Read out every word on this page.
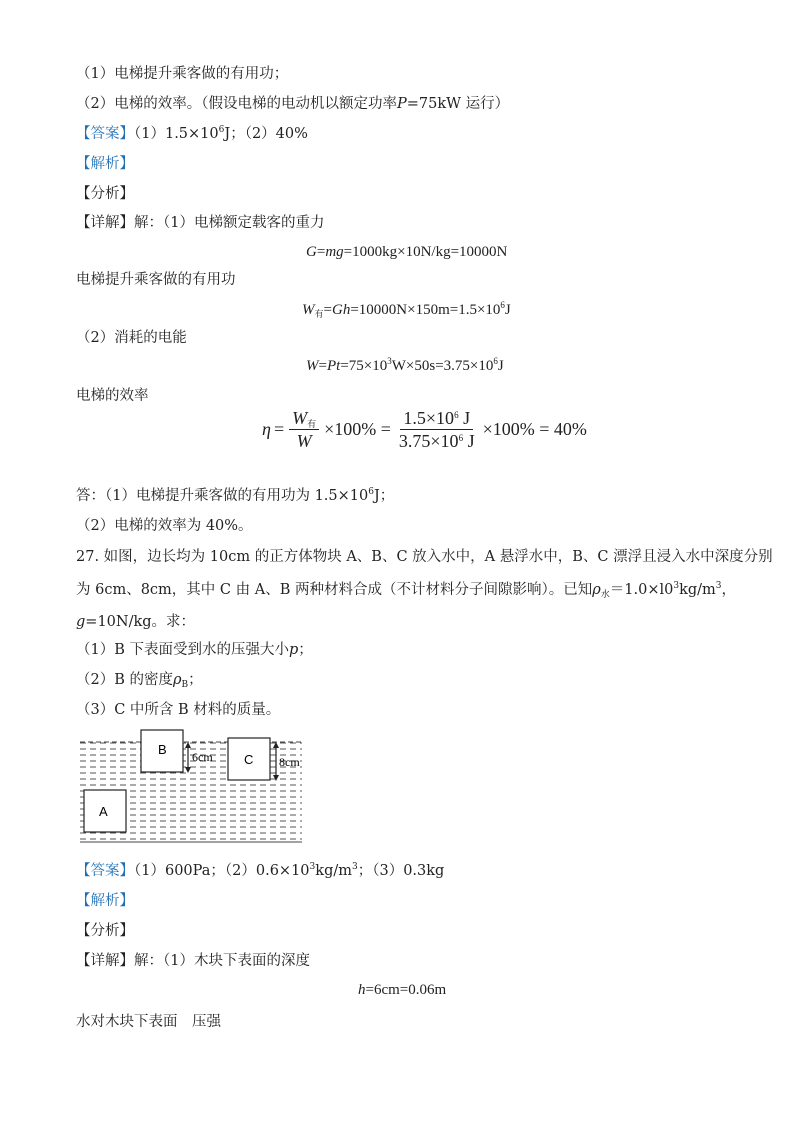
（1）电梯提升乘客做的有用功；
（2）电梯的效率。（假设电梯的电动机以额定功率P=75kW 运行）
【答案】$(1)1.5\times 10^6J$；（2）40%
【解析】
【分析】
【详解】解：（1）电梯额定载客的重力
G=mg=1000kg×10N/kg=10000N
电梯提升乘客做的有用功
$W_有=Gh=10000N\times 150m=1.5\times 10^6J$
（2）消耗的电能
$W=Pt=75\times 10^3W\times 50s=3.75\times 10^6J$
电梯的效率
$\eta = \frac{W_有}{W} \times 100\% = \frac{1.5\times 10^6 J}{3.75\times 10^6 J} \times 100\% = 40\%$
答：（1）电梯提升乘客做的有用功为 $1.5\times 10^6J$；
（2）电梯的效率为 40%。
27. 如图，边长均为 10cm 的正方体物块 A、B、C 放入水中，A 悬浮水中，B、C 漂浮且浸入水中深度分别
为 6cm、8cm，其中 C 由 A、B 两种材料合成（不计材料分子间隙影响）。已知$\rho_水=1.0\times l0^3kg/m^3$，
g=10N/kg。求：
（1）B 下表面受到水的压强大小p；
（2）B 的密度$\rho_B$；
（3）C 中所含 B 材料的质量。
B 6cm C 8cm
A
【答案】（1）600Pa；$(2)0.6\times 10^3kg/m^3$；（3）0.3kg
【解析】
【分析】
【详解】解：（1）木块下表面的深度
h=6cm=0.06m
水对木块下表面　压强
